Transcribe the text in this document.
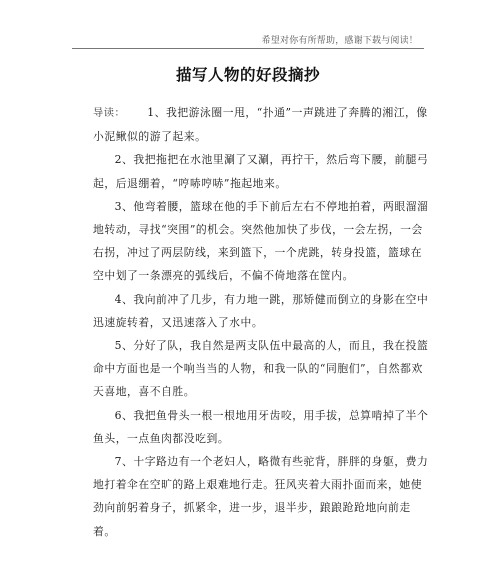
希望对你有所帮助，感谢下载与阅读！
描写人物的好段摘抄

导读： 1、我把游泳圈一甩，“扑通”一声跳进了奔腾的湘江，像小泥鳅似的游了起来。

2、我把拖把在水池里涮了又涮，再拧干，然后弯下腰，前腿弓起，后退绷着，“哼哧哼哧”拖起地来。

3、他弯着腰，篮球在他的手下前后左右不停地拍着，两眼溜溜地转动，寻找“突围”的机会。突然他加快了步伐，一会左拐，一会右拐，冲过了两层防线，来到篮下，一个虎跳，转身投篮，篮球在空中划了一条漂亮的弧线后，不偏不倚地落在筐内。

4、我向前冲了几步，有力地一跳，那矫健而倒立的身影在空中迅速旋转着，又迅速落入了水中。

5、分好了队，我自然是两支队伍中最高的人，而且，我在投篮命中方面也是一个响当当的人物，和我一队的“同胞们”，自然都欢天喜地，喜不自胜。

6、我把鱼骨头一根一根地用牙齿咬，用手拔，总算啃掉了半个鱼头，一点鱼肉都没吃到。

7、十字路边有一个老妇人，略微有些驼背，胖胖的身躯，费力地打着伞在空旷的路上艰难地行走。狂风夹着大雨扑面而来，她使劲向前躬着身子，抓紧伞，进一步，退半步，踉踉跄跄地向前走着。
